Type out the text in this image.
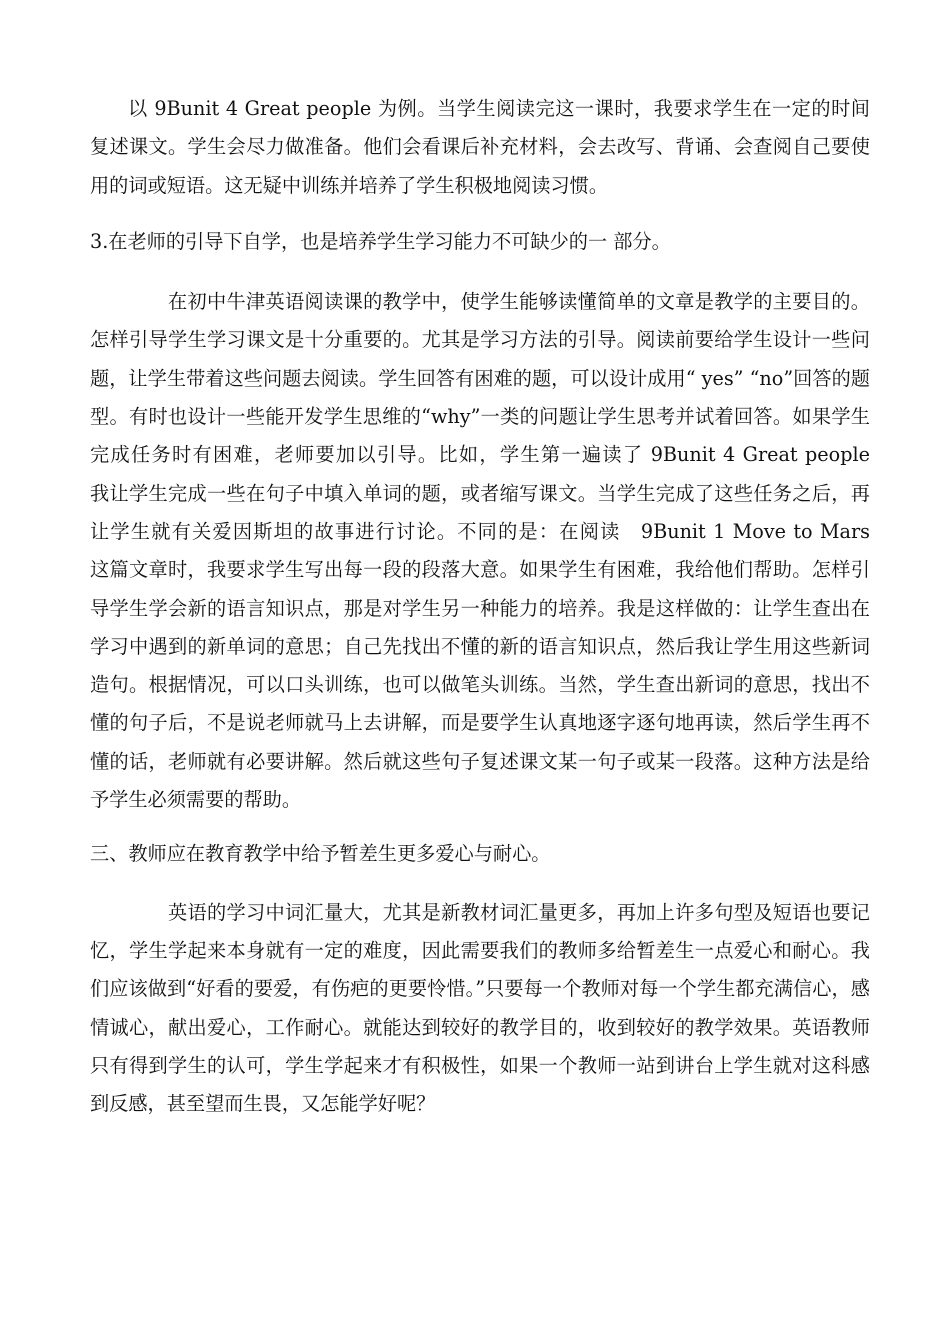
以 9Bunit 4 Great people 为例。当学生阅读完这一课时，我要求学生在一定的时间复述课文。学生会尽力做准备。他们会看课后补充材料，会去改写、背诵、会查阅自己要使用的词或短语。这无疑中训练并培养了学生积极地阅读习惯。

3.在老师的引导下自学，也是培养学生学习能力不可缺少的一 部分。

在初中牛津英语阅读课的教学中，使学生能够读懂简单的文章是教学的主要目的。怎样引导学生学习课文是十分重要的。尤其是学习方法的引导。阅读前要给学生设计一些问题，让学生带着这些问题去阅读。学生回答有困难的题，可以设计成用“ yes” “no”回答的题型。有时也设计一些能开发学生思维的“why”一类的问题让学生思考并试着回答。如果学生完成任务时有困难，老师要加以引导。比如，学生第一遍读了 9Bunit 4 Great people　 我让学生完成一些在句子中填入单词的题，或者缩写课文。当学生完成了这些任务之后，再让学生就有关爱因斯坦的故事进行讨论。不同的是：在阅读　9Bunit 1 Move to Mars　 这篇文章时，我要求学生写出每一段的段落大意。如果学生有困难，我给他们帮助。怎样引导学生学会新的语言知识点，那是对学生另一种能力的培养。我是这样做的：让学生查出在学习中遇到的新单词的意思；自己先找出不懂的新的语言知识点，然后我让学生用这些新词造句。根据情况，可以口头训练，也可以做笔头训练。当然，学生查出新词的意思，找出不懂的句子后，不是说老师就马上去讲解，而是要学生认真地逐字逐句地再读，然后学生再不懂的话，老师就有必要讲解。然后就这些句子复述课文某一句子或某一段落。这种方法是给予学生必须需要的帮助。

三、教师应在教育教学中给予暂差生更多爱心与耐心。

英语的学习中词汇量大，尤其是新教材词汇量更多，再加上许多句型及短语也要记忆，学生学起来本身就有一定的难度，因此需要我们的教师多给暂差生一点爱心和耐心。我们应该做到“好看的要爱，有伤疤的更要怜惜。”只要每一个教师对每一个学生都充满信心，感情诚心，献出爱心，工作耐心。就能达到较好的教学目的，收到较好的教学效果。英语教师只有得到学生的认可，学生学起来才有积极性，如果一个教师一站到讲台上学生就对这科感到反感，甚至望而生畏，又怎能学好呢？
